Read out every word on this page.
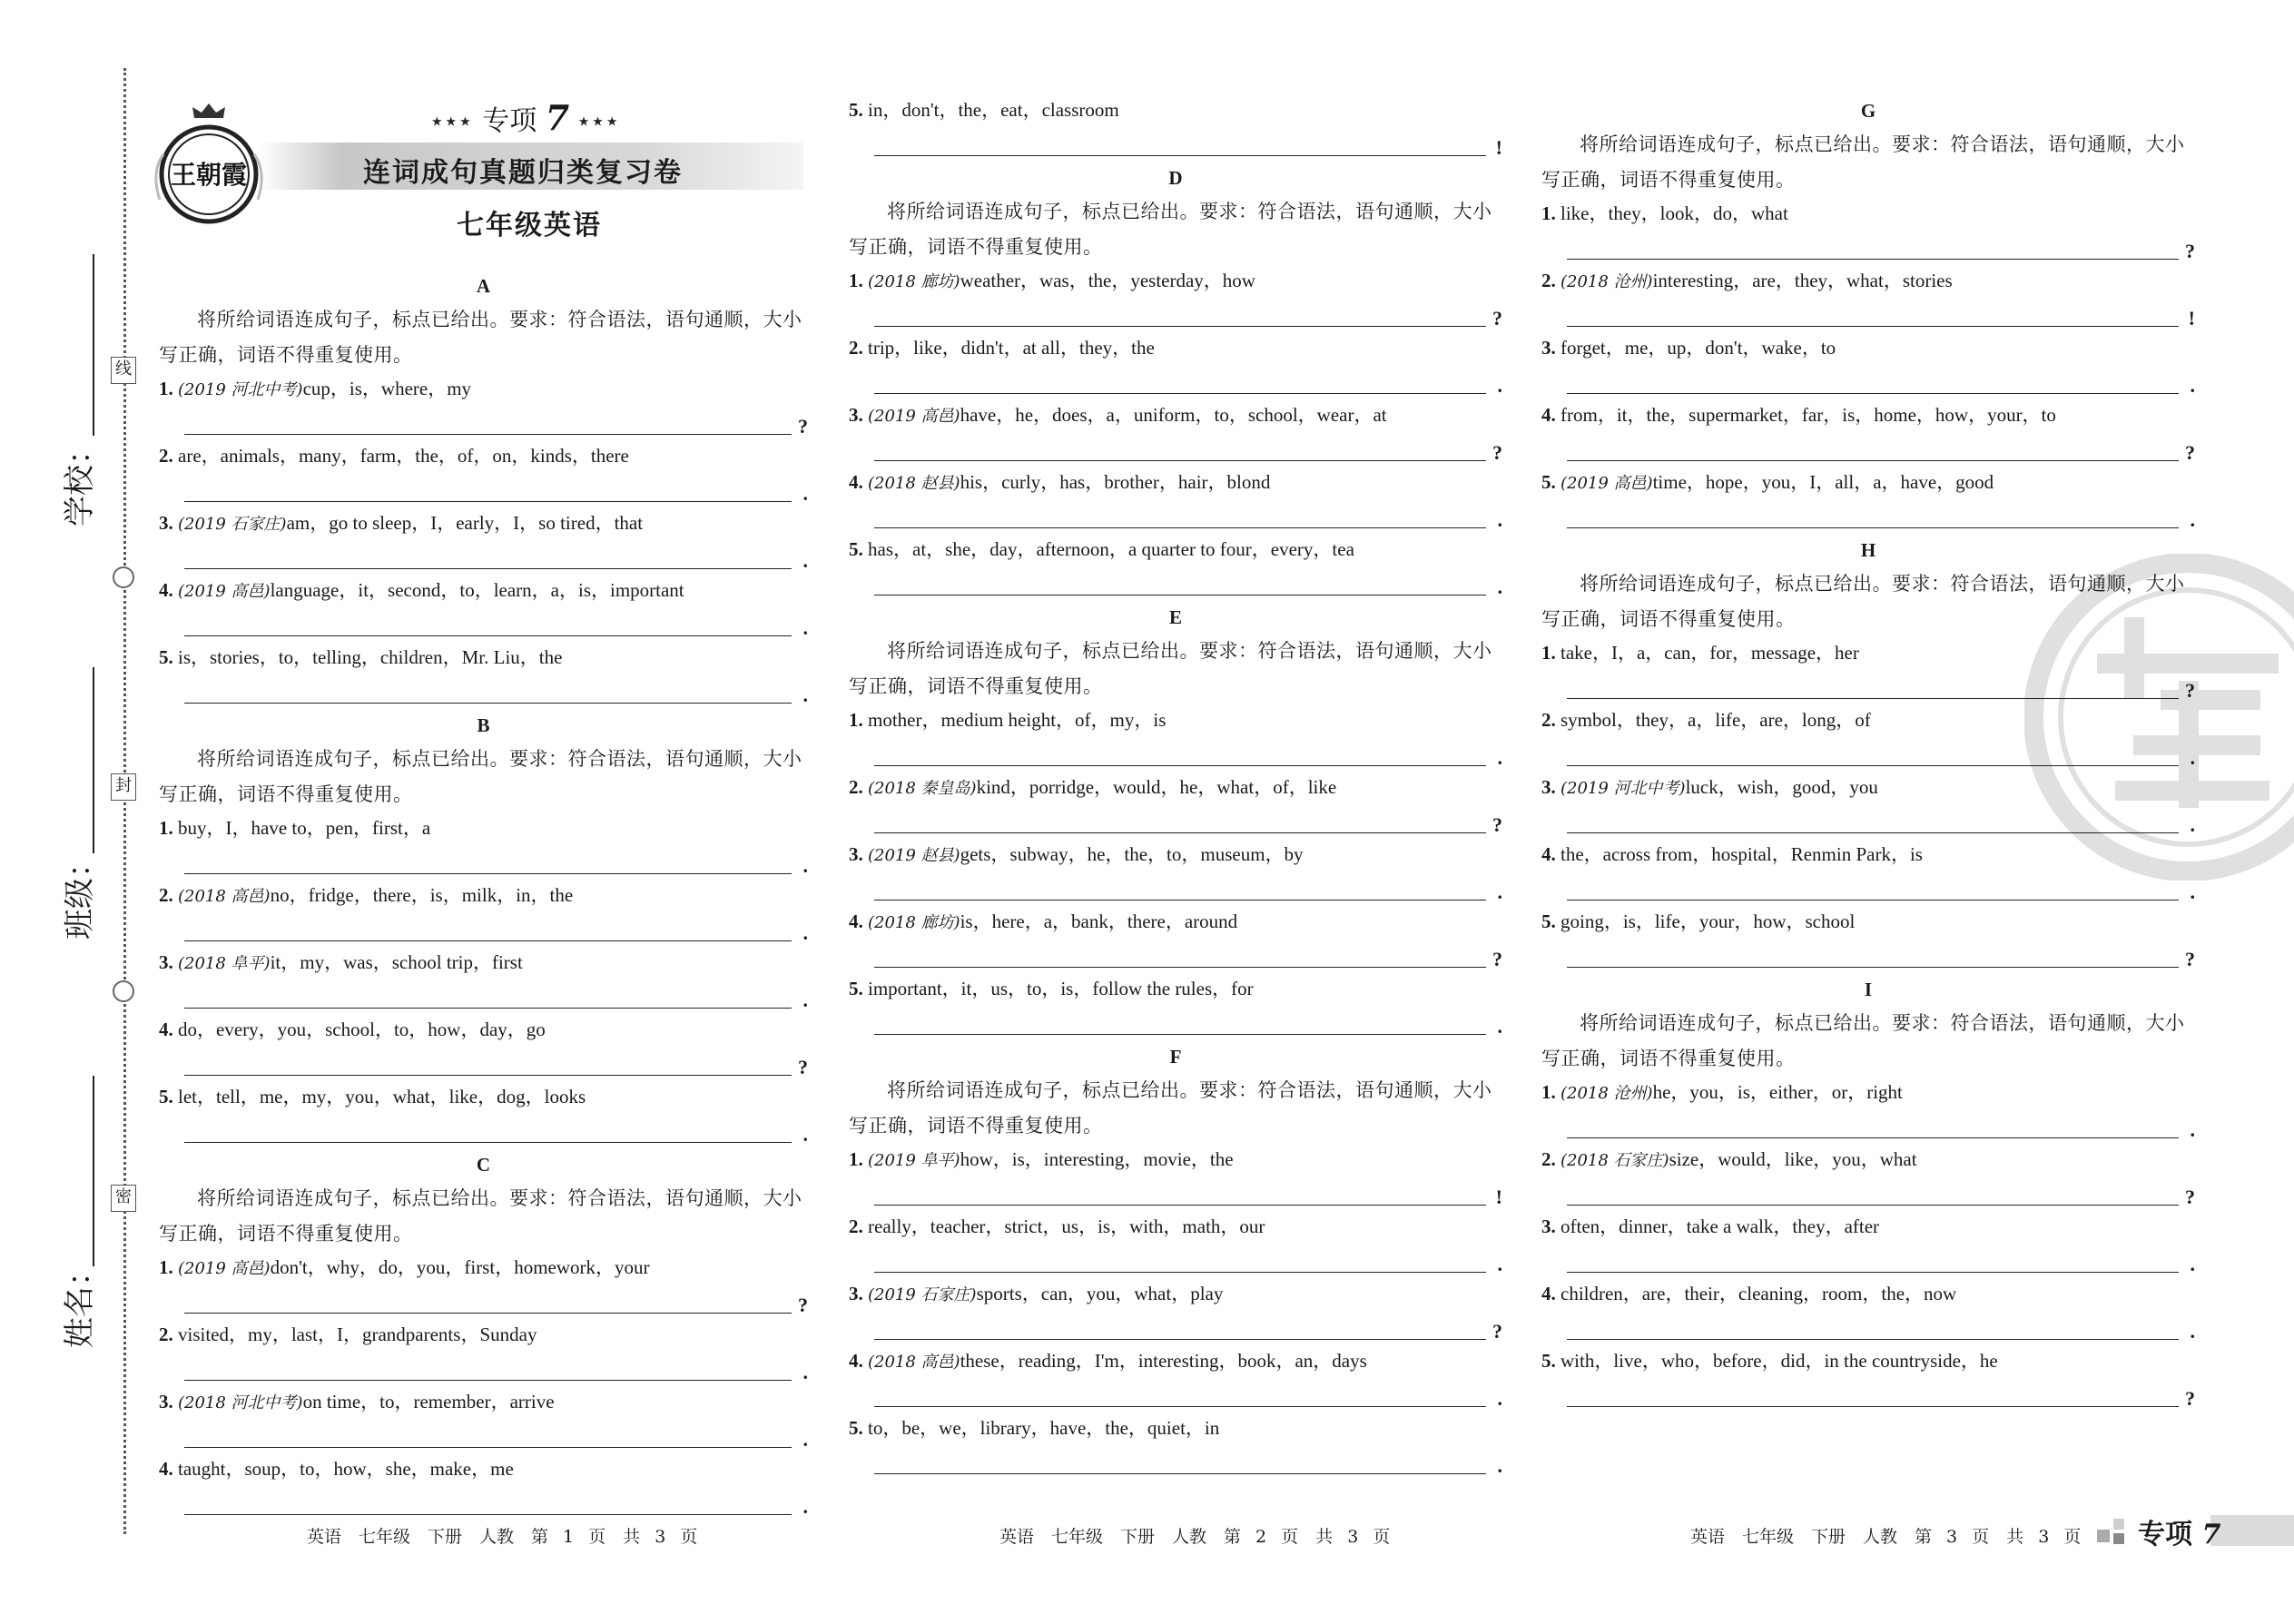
线
封
密
学校：
班级：
姓名：
王朝霞
★★★ 专项 7 ★★★
连词成句真题归类复习卷
七年级英语
A
将所给词语连成句子，标点已给出。要求：符合语法，语句通顺，大小写正确，词语不得重复使用。
1. (2019 河北中考)cup，is，where，my
?
2. are，animals，many，farm，the，of，on，kinds，there
.
3. (2019 石家庄)am，go to sleep，I，early，I，so tired，that
.
4. (2019 高邑)language，it，second，to，learn，a，is，important
.
5. is，stories，to，telling，children，Mr. Liu，the
.
B
将所给词语连成句子，标点已给出。要求：符合语法，语句通顺，大小写正确，词语不得重复使用。
1. buy，I，have to，pen，first，a
.
2. (2018 高邑)no，fridge，there，is，milk，in，the
.
3. (2018 阜平)it，my，was，school trip，first
.
4. do，every，you，school，to，how，day，go
?
5. let，tell，me，my，you，what，like，dog，looks
.
C
将所给词语连成句子，标点已给出。要求：符合语法，语句通顺，大小写正确，词语不得重复使用。
1. (2019 高邑)don't，why，do，you，first，homework，your
?
2. visited，my，last，I，grandparents，Sunday
.
3. (2018 河北中考)on time，to，remember，arrive
.
4. taught，soup，to，how，she，make，me
.
5. in，don't，the，eat，classroom
!
D
将所给词语连成句子，标点已给出。要求：符合语法，语句通顺，大小写正确，词语不得重复使用。
1. (2018 廊坊)weather，was，the，yesterday，how
?
2. trip，like，didn't，at all，they，the
.
3. (2019 高邑)have，he，does，a，uniform，to，school，wear，at
?
4. (2018 赵县)his，curly，has，brother，hair，blond
.
5. has，at，she，day，afternoon，a quarter to four，every，tea
.
E
将所给词语连成句子，标点已给出。要求：符合语法，语句通顺，大小写正确，词语不得重复使用。
1. mother，medium height，of，my，is
.
2. (2018 秦皇岛)kind，porridge，would，he，what，of，like
?
3. (2019 赵县)gets，subway，he，the，to，museum，by
.
4. (2018 廊坊)is，here，a，bank，there，around
?
5. important，it，us，to，is，follow the rules，for
.
F
将所给词语连成句子，标点已给出。要求：符合语法，语句通顺，大小写正确，词语不得重复使用。
1. (2019 阜平)how，is，interesting，movie，the
!
2. really，teacher，strict，us，is，with，math，our
.
3. (2019 石家庄)sports，can，you，what，play
?
4. (2018 高邑)these，reading，I'm，interesting，book，an，days
.
5. to，be，we，library，have，the，quiet，in
.
G
将所给词语连成句子，标点已给出。要求：符合语法，语句通顺，大小写正确，词语不得重复使用。
1. like，they，look，do，what
?
2. (2018 沧州)interesting，are，they，what，stories
!
3. forget，me，up，don't，wake，to
.
4. from，it，the，supermarket，far，is，home，how，your，to
?
5. (2019 高邑)time，hope，you，I，all，a，have，good
.
H
将所给词语连成句子，标点已给出。要求：符合语法，语句通顺，大小写正确，词语不得重复使用。
1. take，I，a，can，for，message，her
?
2. symbol，they，a，life，are，long，of
.
3. (2019 河北中考)luck，wish，good，you
.
4. the，across from，hospital，Renmin Park，is
.
5. going，is，life，your，how，school
?
I
将所给词语连成句子，标点已给出。要求：符合语法，语句通顺，大小写正确，词语不得重复使用。
1. (2018 沧州)he，you，is，either，or，right
.
2. (2018 石家庄)size，would，like，you，what
?
3. often，dinner，take a walk，they，after
.
4. children，are，their，cleaning，room，the，now
.
5. with，live，who，before，did，in the countryside，he
?
英语　七年级　下册　人教　第 1 页　共 3 页	英语　七年级　下册　人教　第 2 页　共 3 页	英语　七年级　下册　人教　第 3 页　共 3 页 专项 7
